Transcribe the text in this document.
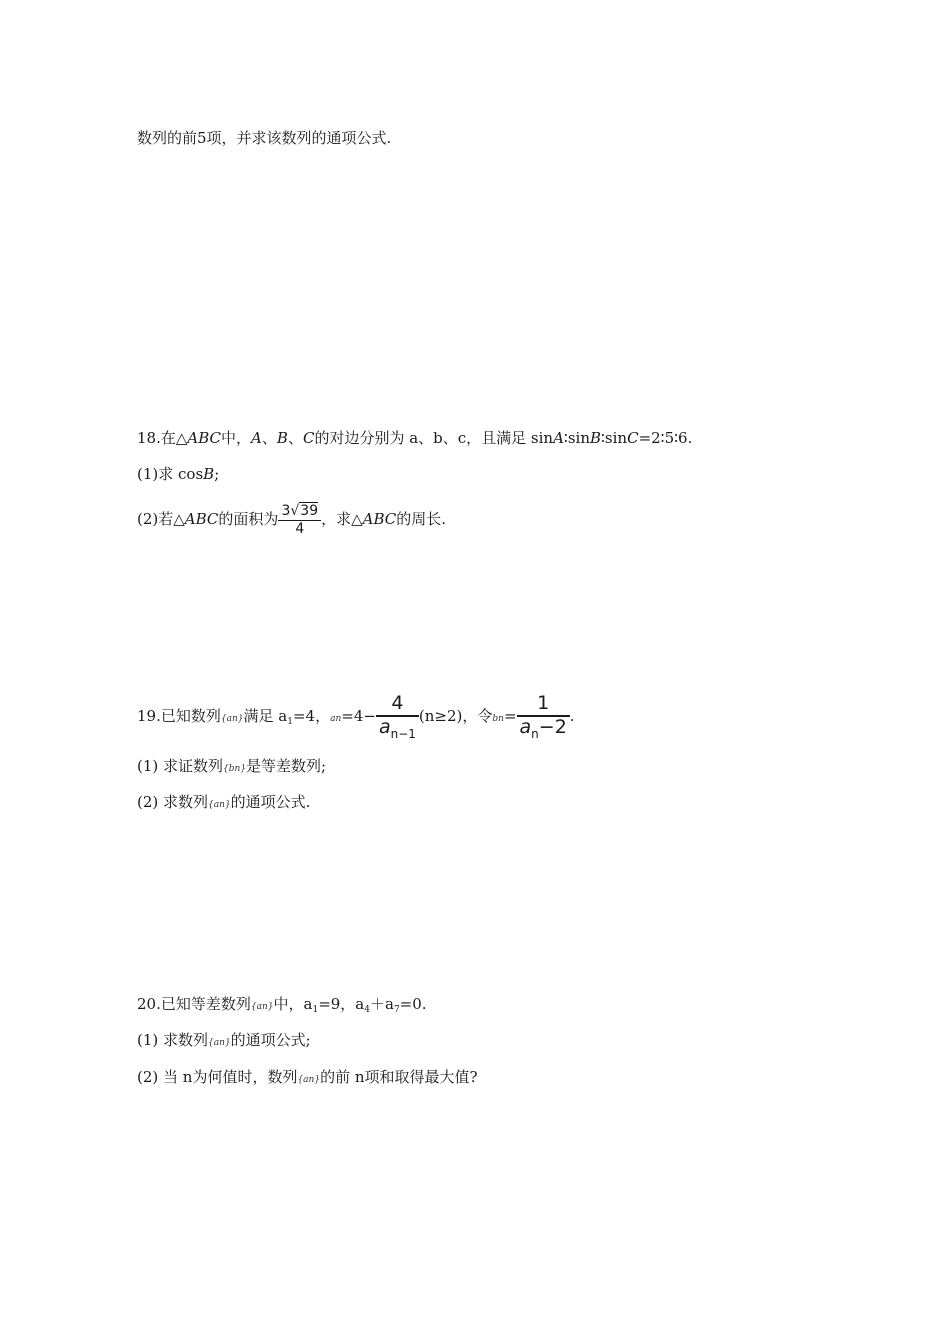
数列的前5项，并求该数列的通项公式.
18.在△ABC中，A、B、C的对边分别为 a、b、c，且满足 sinA∶sinB∶sinC=2∶5∶6.
(1)求 cosB;
(2)若△ABC的面积为 $\frac{3√39}{4}$ ，求△ABC的周长.
19.已知数列{an}满足 $a_1=4$，$an=4- \frac{4}{a_{n-1}} (n\ge 2)$，令$bn= \frac{1}{a_n-2}$ .
(1) 求证数列{bn}是等差数列;
(2) 求数列{an}的通项公式.
20.已知等差数列{an}中，$a_1=9$，$a_4+a_7=0$.
(1) 求数列{an}的通项公式;
(2) 当 n为何值时，数列{an}的前 n项和取得最大值?
